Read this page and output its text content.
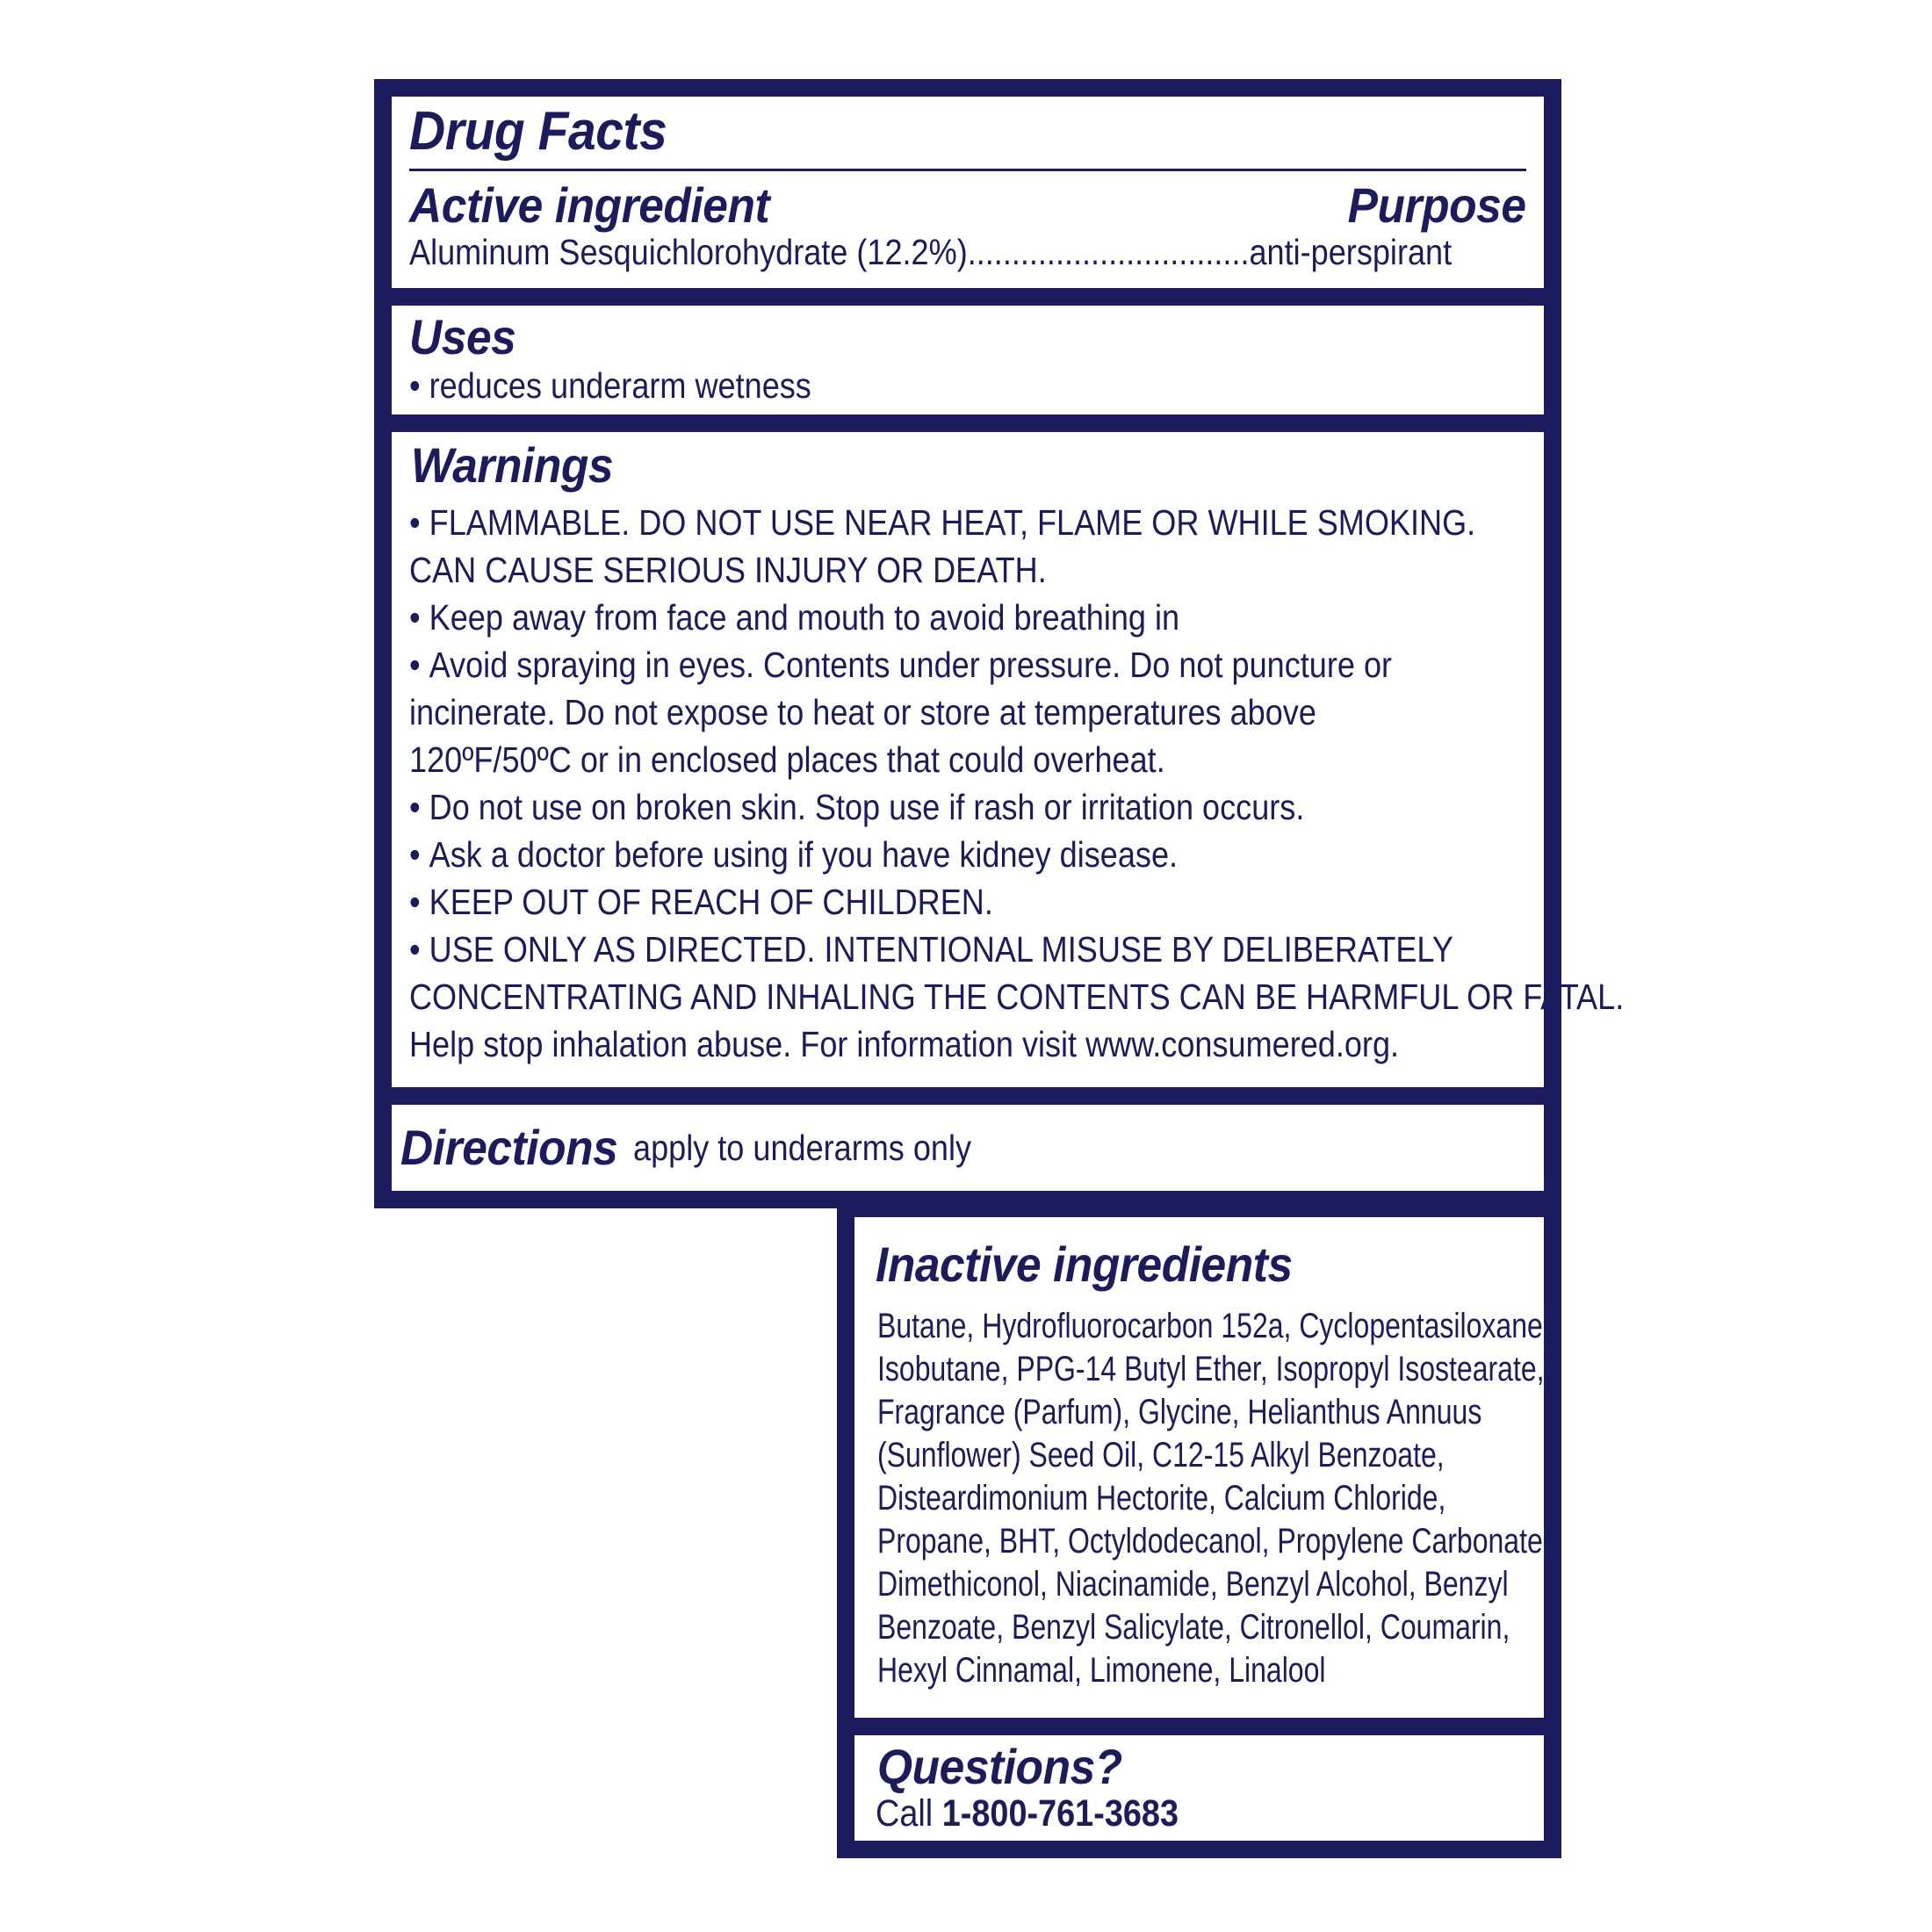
Drug Facts
Active ingredient	Purpose
Aluminum Sesquichlorohydrate (12.2%)................................anti-perspirant
Uses
• reduces underarm wetness
Warnings
• FLAMMABLE. DO NOT USE NEAR HEAT, FLAME OR WHILE SMOKING.
CAN CAUSE SERIOUS INJURY OR DEATH.
• Keep away from face and mouth to avoid breathing in
• Avoid spraying in eyes. Contents under pressure. Do not puncture or
incinerate. Do not expose to heat or store at temperatures above
120ºF/50ºC or in enclosed places that could overheat.
• Do not use on broken skin. Stop use if rash or irritation occurs.
• Ask a doctor before using if you have kidney disease.
• KEEP OUT OF REACH OF CHILDREN.
• USE ONLY AS DIRECTED. INTENTIONAL MISUSE BY DELIBERATELY
CONCENTRATING AND INHALING THE CONTENTS CAN BE HARMFUL OR FATAL.
Help stop inhalation abuse. For information visit www.consumered.org.
Directions apply to underarms only
Inactive ingredients
Butane, Hydrofluorocarbon 152a, Cyclopentasiloxane,
Isobutane, PPG-14 Butyl Ether, Isopropyl Isostearate,
Fragrance (Parfum), Glycine, Helianthus Annuus
(Sunflower) Seed Oil, C12-15 Alkyl Benzoate,
Disteardimonium Hectorite, Calcium Chloride,
Propane, BHT, Octyldodecanol, Propylene Carbonate,
Dimethiconol, Niacinamide, Benzyl Alcohol, Benzyl
Benzoate, Benzyl Salicylate, Citronellol, Coumarin,
Hexyl Cinnamal, Limonene, Linalool
Questions?
Call 1-800-761-3683
